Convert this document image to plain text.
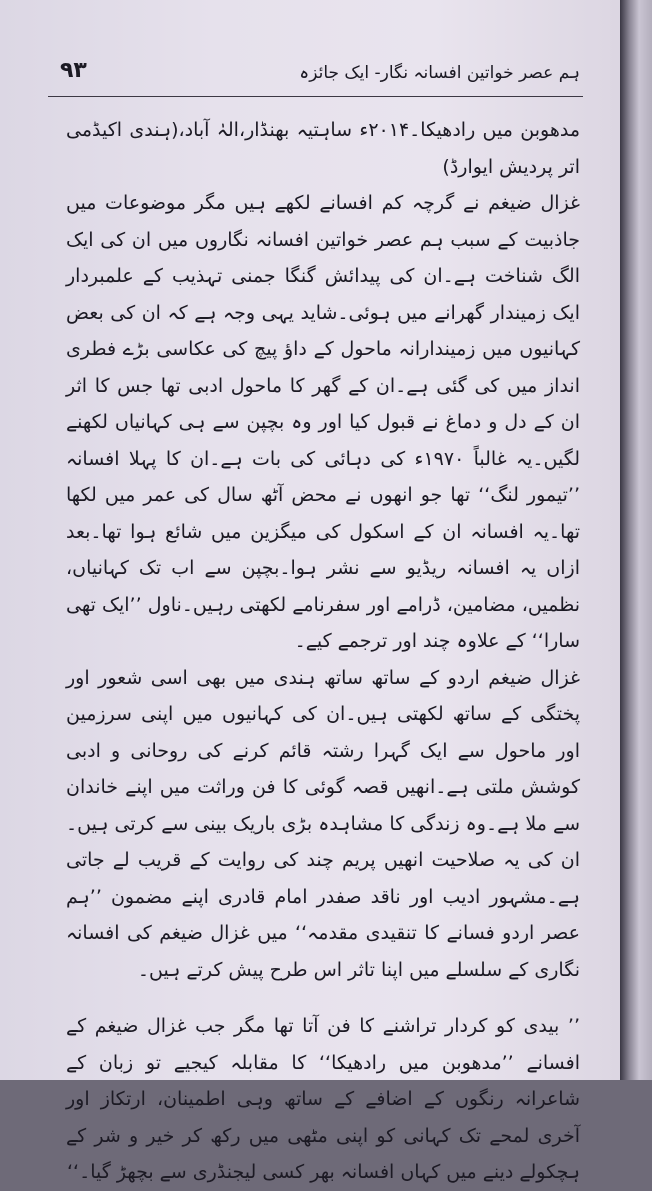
۹۳	ہم عصر خواتین افسانہ نگار- ایک جائزہ

مدھوبن میں رادھیکا۔۲۰۱۴ء ساہتیہ بھنڈار،الہٰ آباد،(ہندی اکیڈمی اتر پردیش ایوارڈ)

غزال ضیغم نے گرچہ کم افسانے لکھے ہیں مگر موضوعات میں جاذبیت کے سبب ہم عصر خواتین افسانہ نگاروں میں ان کی ایک الگ شناخت ہے۔ان کی پیدائش گنگا جمنی تہذیب کے علمبردار ایک زمیندار گھرانے میں ہوئی۔شاید یہی وجہ ہے کہ ان کی بعض کہانیوں میں زمیندارانہ ماحول کے داؤ پیچ کی عکاسی بڑے فطری انداز میں کی گئی ہے۔ان کے گھر کا ماحول ادبی تھا جس کا اثر ان کے دل و دماغ نے قبول کیا اور وہ بچپن سے ہی کہانیاں لکھنے لگیں۔یہ غالباً ۱۹۷۰ء کی دہائی کی بات ہے۔ان کا پہلا افسانہ ’’تیمور لنگ‘‘ تھا جو انھوں نے محض آٹھ سال کی عمر میں لکھا تھا۔یہ افسانہ ان کے اسکول کی میگزین میں شائع ہوا تھا۔بعد ازاں یہ افسانہ ریڈیو سے نشر ہوا۔بچپن سے اب تک کہانیاں، نظمیں، مضامین، ڈرامے اور سفرنامے لکھتی رہیں۔ناول ’’ایک تھی سارا‘‘ کے علاوہ چند اور ترجمے کیے۔

غزال ضیغم اردو کے ساتھ ساتھ ہندی میں بھی اسی شعور اور پختگی کے ساتھ لکھتی ہیں۔ان کی کہانیوں میں اپنی سرزمین اور ماحول سے ایک گہرا رشتہ قائم کرنے کی روحانی و ادبی کوشش ملتی ہے۔انھیں قصہ گوئی کا فن وراثت میں اپنے خاندان سے ملا ہے۔وہ زندگی کا مشاہدہ بڑی باریک بینی سے کرتی ہیں۔ان کی یہ صلاحیت انھیں پریم چند کی روایت کے قریب لے جاتی ہے۔مشہور ادیب اور ناقد صفدر امام قادری اپنے مضمون ’’ہم عصر اردو فسانے کا تنقیدی مقدمہ‘‘ میں غزال ضیغم کی افسانہ نگاری کے سلسلے میں اپنا تاثر اس طرح پیش کرتے ہیں۔

’’ بیدی کو کردار تراشنے کا فن آتا تھا مگر جب غزال ضیغم کے افسانے ’’مدھوبن میں رادھیکا‘‘ کا مقابلہ کیجیے تو زبان کے شاعرانہ رنگوں کے اضافے کے ساتھ وہی اطمینان، ارتکاز اور آخری لمحے تک کہانی کو اپنی مٹھی میں رکھ کر خیر و شر کے ہچکولے دینے میں کہاں افسانہ بھر کسی لیجنڈری سے بچھڑ گیا۔‘‘
